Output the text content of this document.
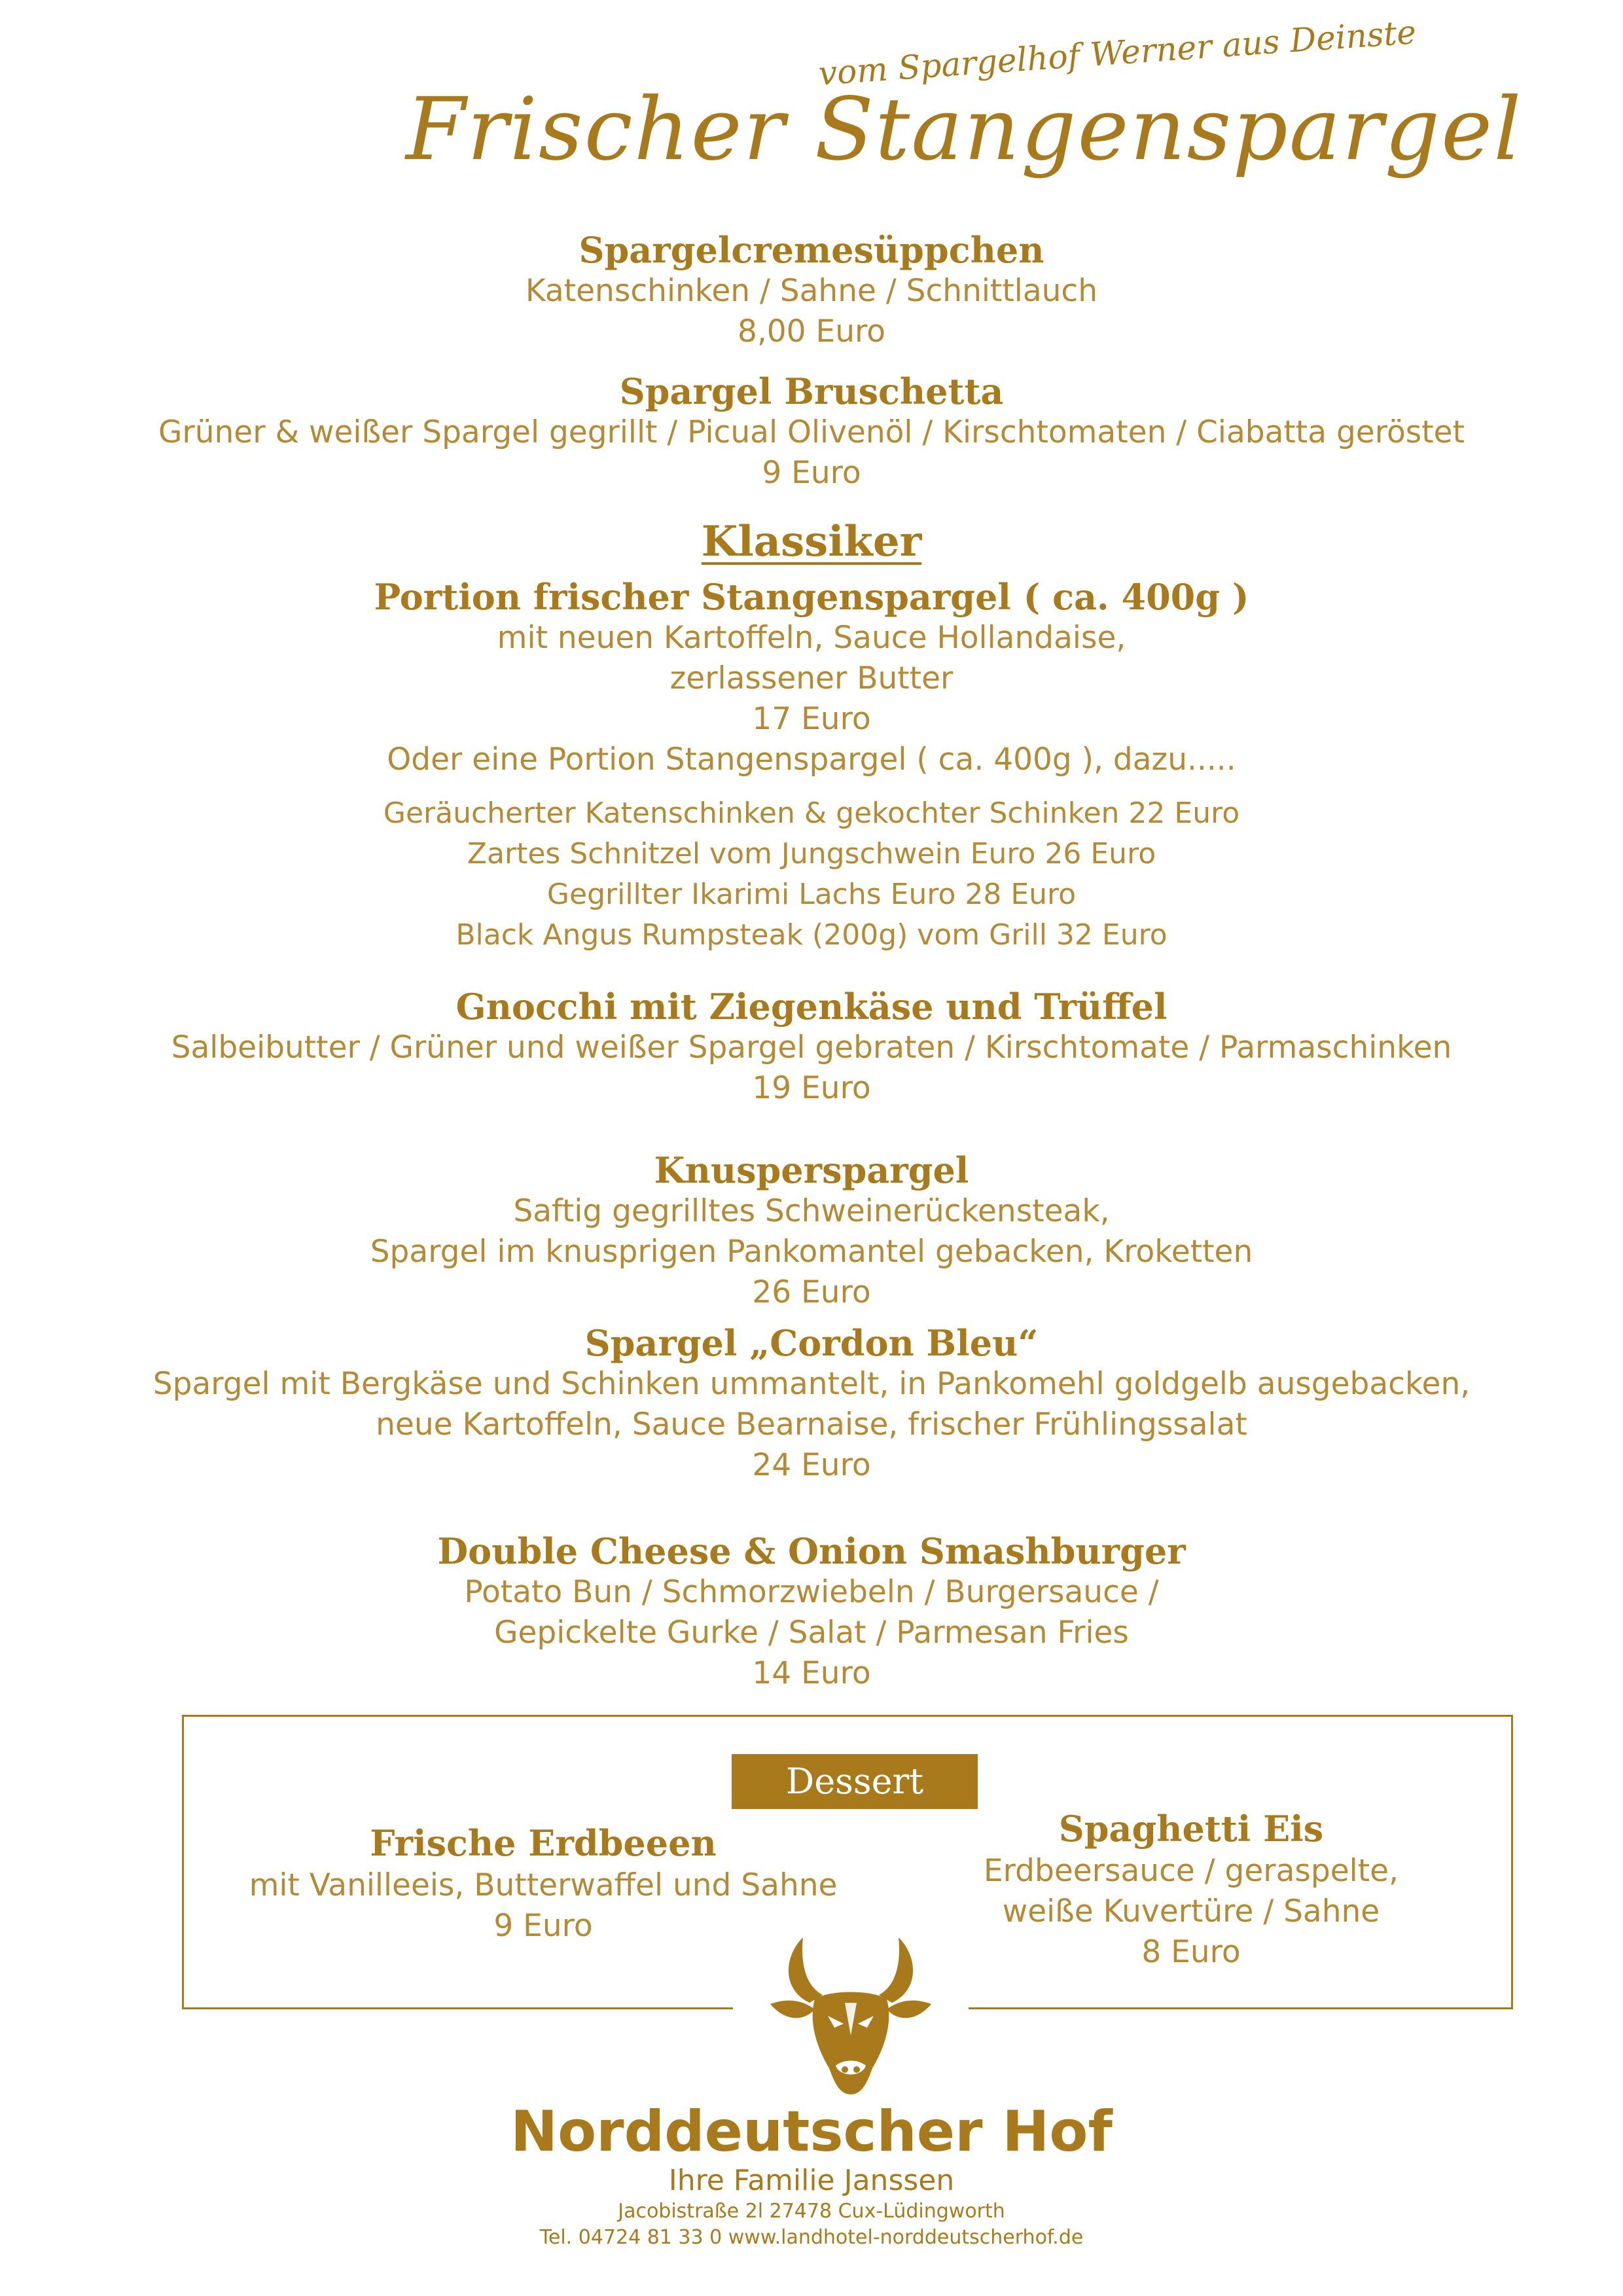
vom Spargelhof Werner aus Deinste
Frischer Stangenspargel
Spargelcremesüppchen
Katenschinken / Sahne / Schnittlauch
8,00 Euro
Spargel Bruschetta
Grüner & weißer Spargel gegrillt / Picual Olivenöl / Kirschtomaten / Ciabatta geröstet
9 Euro
Klassiker
Portion frischer Stangenspargel ( ca. 400g )
mit neuen Kartoffeln, Sauce Hollandaise,
zerlassener Butter
17 Euro
Oder eine Portion Stangenspargel ( ca. 400g ), dazu.....
Geräucherter Katenschinken & gekochter Schinken 22 Euro
Zartes Schnitzel vom Jungschwein Euro 26 Euro
Gegrillter Ikarimi Lachs Euro 28 Euro
Black Angus Rumpsteak (200g) vom Grill 32 Euro
Gnocchi mit Ziegenkäse und Trüffel
Salbeibutter / Grüner und weißer Spargel gebraten / Kirschtomate / Parmaschinken
19 Euro
Knusperspargel
Saftig gegrilltes Schweinerückensteak,
Spargel im knusprigen Pankomantel gebacken, Kroketten
26 Euro
Spargel „Cordon Bleu“
Spargel mit Bergkäse und Schinken ummantelt, in Pankomehl goldgelb ausgebacken,
neue Kartoffeln, Sauce Bearnaise, frischer Frühlingssalat
24 Euro
Double Cheese & Onion Smashburger
Potato Bun / Schmorzwiebeln / Burgersauce /
Gepickelte Gurke / Salat / Parmesan Fries
14 Euro
Dessert
Frische Erdbeeen
mit Vanilleeis, Butterwaffel und Sahne
9 Euro
Spaghetti Eis
Erdbeersauce / geraspelte,
weiße Kuvertüre / Sahne
8 Euro
Norddeutscher Hof
Ihre Familie Janssen
Jacobistraße 2l 27478 Cux-Lüdingworth
Tel. 04724 81 33 0 www.landhotel-norddeutscherhof.de
